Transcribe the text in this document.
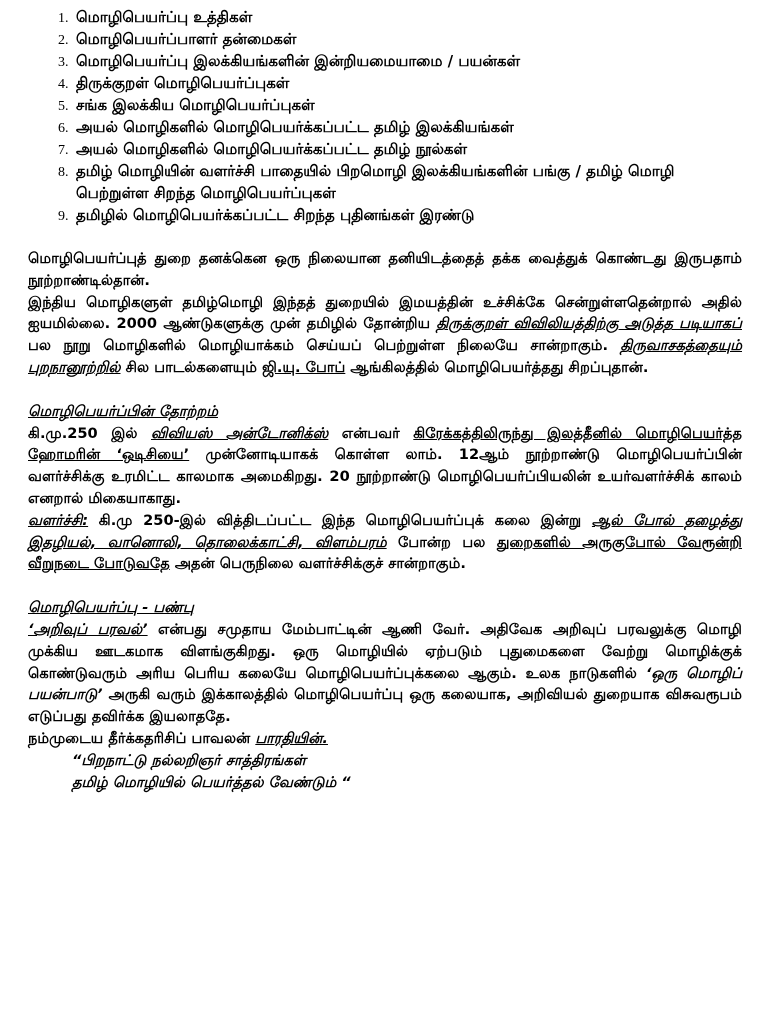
1. மொழிபெயர்ப்பு உத்திகள்
2. மொழிபெயர்ப்பாளர் தன்மைகள்
3. மொழிபெயர்ப்பு இலக்கியங்களின் இன்றியமையாமை / பயன்கள்
4. திருக்குறள் மொழிபெயர்ப்புகள்
5. சங்க இலக்கிய மொழிபெயர்ப்புகள்
6. அயல் மொழிகளில் மொழிபெயர்க்கப்பட்ட தமிழ் இலக்கியங்கள்
7. அயல் மொழிகளில் மொழிபெயர்க்கப்பட்ட தமிழ் நூல்கள்
8. தமிழ் மொழியின் வளர்ச்சி பாதையில் பிறமொழி இலக்கியங்களின் பங்கு / தமிழ் மொழி பெற்றுள்ள சிறந்த மொழிபெயர்ப்புகள்
9. தமிழில் மொழிபெயர்க்கப்பட்ட சிறந்த புதினங்கள் இரண்டு

மொழிபெயர்ப்புத் துறை தனக்கென ஒரு நிலையான தனியிடத்தைத் தக்க வைத்துக் கொண்டது இருபதாம் நூற்றாண்டில்தான்.

இந்திய மொழிகளுள் தமிழ்மொழி இந்தத் துறையில் இமயத்தின் உச்சிக்கே சென்றுள்ளதென்றால் அதில் ஐயமில்லை. 2000 ஆண்டுகளுக்கு முன் தமிழில் தோன்றிய திருக்குறள் விவிலியத்திற்கு அடுத்த படியாகப் பல நூறு மொழிகளில் மொழியாக்கம் செய்யப் பெற்றுள்ள நிலையே சான்றாகும். திருவாசகத்தையும் புறநானூற்றில் சில பாடல்களையும் ஜி.யு. போப் ஆங்கிலத்தில் மொழிபெயர்த்தது சிறப்புதான்.

மொழிபெயர்ப்பின் தோற்றம்

கி.மு.250 இல் விவியஸ் அன்டோனிக்ஸ் என்பவர் கிரேக்கத்திலிருந்து இலத்தீனில் மொழிபெயர்த்த ஹோமரின் ‘ஒடிசியை’ முன்னோடியாகக் கொள்ள லாம். 12ஆம் நூற்றாண்டு மொழிபெயர்ப்பின் வளர்ச்சிக்கு உரமிட்ட காலமாக அமைகிறது. 20 நூற்றாண்டு மொழிபெயர்ப்பியலின் உயர்வளர்ச்சிக் காலம் எனறால் மிகையாகாது.

வளர்ச்சி: கி.மு 250-இல் வித்திடப்பட்ட இந்த மொழிபெயர்ப்புக் கலை இன்று ஆல் போல் தழைத்து இதழியல், வானொலி, தொலைக்காட்சி, விளம்பரம் போன்ற பல துறைகளில் அருகுபோல் வேரூன்றி வீறுநடை போடுவதே அதன் பெருநிலை வளர்ச்சிக்குச் சான்றாகும்.

மொழிபெயர்ப்பு - பண்பு

‘அறிவுப் பரவல்’ என்பது சமுதாய மேம்பாட்டின் ஆணி வேர். அதிவேக அறிவுப் பரவலுக்கு மொழி முக்கிய ஊடகமாக விளங்குகிறது. ஒரு மொழியில் ஏற்படும் புதுமைகளை வேற்று மொழிக்குக் கொண்டுவரும் அரிய பெரிய கலையே மொழிபெயர்ப்புக்கலை ஆகும். உலக நாடுகளில் ‘ஒரு மொழிப் பயன்பாடு’ அருகி வரும் இக்காலத்தில் மொழிபெயர்ப்பு ஒரு கலையாக, அறிவியல் துறையாக விசுவரூபம் எடுப்பது தவிர்க்க இயலாததே.

நம்முடைய தீர்க்கதரிசிப் பாவலன் பாரதியின்.

“பிறநாட்டு நல்லறிஞர் சாத்திரங்கள்

தமிழ் மொழியில் பெயர்த்தல் வேண்டும் “
